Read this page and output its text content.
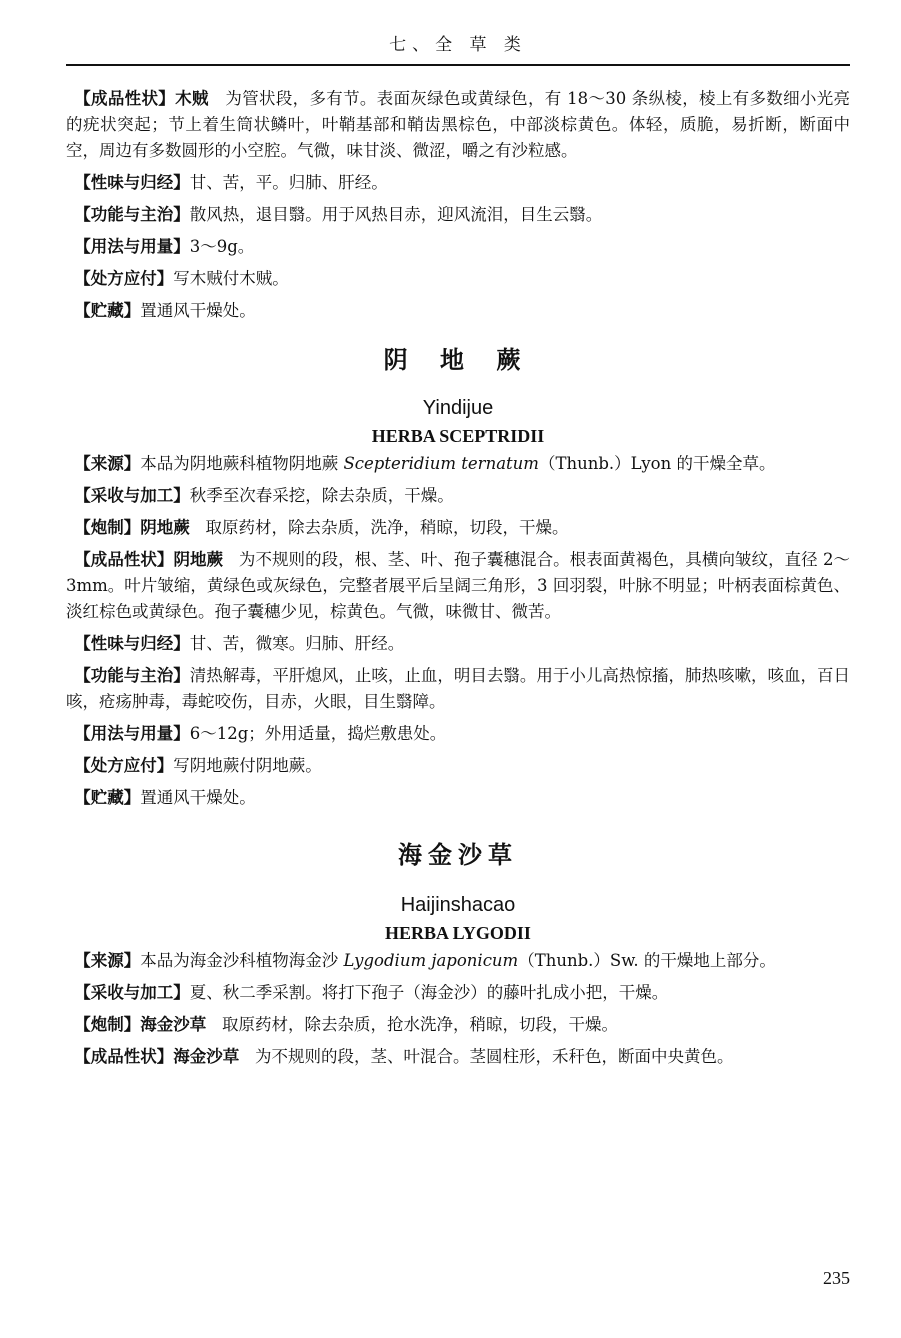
七、全 草 类

【成品性状】木贼 为管状段，多有节。表面灰绿色或黄绿色，有 18～30 条纵棱，棱上有多数细小光亮的疣状突起；节上着生筒状鳞叶，叶鞘基部和鞘齿黑棕色，中部淡棕黄色。体轻，质脆，易折断，断面中空，周边有多数圆形的小空腔。气微，味甘淡、微涩，嚼之有沙粒感。

【性味与归经】甘、苦，平。归肺、肝经。

【功能与主治】散风热，退目翳。用于风热目赤，迎风流泪，目生云翳。

【用法与用量】3～9g。

【处方应付】写木贼付木贼。

【贮藏】置通风干燥处。

阴 地 蕨
Yindijue
HERBA SCEPTRIDII

【来源】本品为阴地蕨科植物阴地蕨 Scepteridium ternatum（Thunb.）Lyon 的干燥全草。

【采收与加工】秋季至次春采挖，除去杂质，干燥。

【炮制】阴地蕨 取原药材，除去杂质，洗净，稍晾，切段，干燥。

【成品性状】阴地蕨 为不规则的段，根、茎、叶、孢子囊穗混合。根表面黄褐色，具横向皱纹，直径 2～3mm。叶片皱缩，黄绿色或灰绿色，完整者展平后呈阔三角形，3 回羽裂，叶脉不明显；叶柄表面棕黄色、淡红棕色或黄绿色。孢子囊穗少见，棕黄色。气微，味微甘、微苦。

【性味与归经】甘、苦，微寒。归肺、肝经。

【功能与主治】清热解毒，平肝熄风，止咳，止血，明目去翳。用于小儿高热惊搐，肺热咳嗽，咳血，百日咳，疮疡肿毒，毒蛇咬伤，目赤，火眼，目生翳障。

【用法与用量】6～12g；外用适量，捣烂敷患处。

【处方应付】写阴地蕨付阴地蕨。

【贮藏】置通风干燥处。

海金沙草
Haijinshacao
HERBA LYGODII

【来源】本品为海金沙科植物海金沙 Lygodium japonicum（Thunb.）Sw. 的干燥地上部分。

【采收与加工】夏、秋二季采割。将打下孢子（海金沙）的藤叶扎成小把，干燥。

【炮制】海金沙草 取原药材，除去杂质，抢水洗净，稍晾，切段，干燥。

【成品性状】海金沙草 为不规则的段，茎、叶混合。茎圆柱形，禾秆色，断面中央黄色。

235
